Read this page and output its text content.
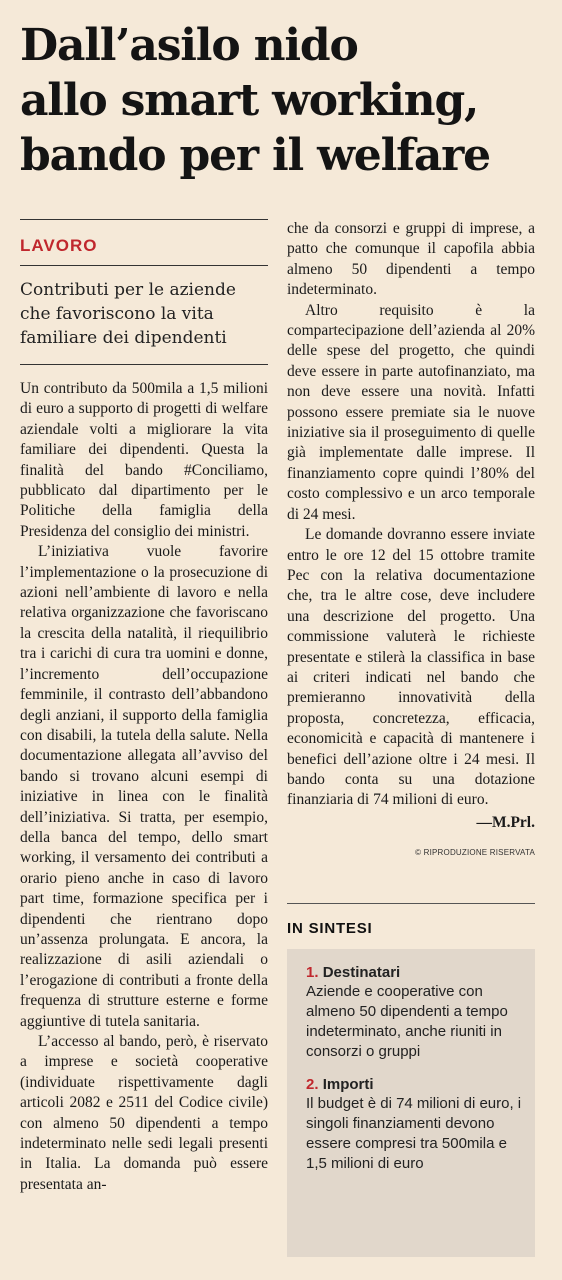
Dall’asilo nido
allo smart working,
bando per il welfare
LAVORO
Contributi per le aziende che favoriscono la vita familiare dei dipendenti

Un contributo da 500mila a 1,5 milioni di euro a supporto di progetti di welfare aziendale volti a migliorare la vita familiare dei dipendenti. Questa la finalità del bando #Conciliamo, pubblicato dal dipartimento per le Politiche della famiglia della Presidenza del consiglio dei ministri.

L’iniziativa vuole favorire l’implementazione o la prosecuzione di azioni nell’ambiente di lavoro e nella relativa organizzazione che favoriscano la crescita della natalità, il riequilibrio tra i carichi di cura tra uomini e donne, l’incremento dell’occupazione femminile, il contrasto dell’abbandono degli anziani, il supporto della famiglia con disabili, la tutela della salute. Nella documentazione allegata all’avviso del bando si trovano alcuni esempi di iniziative in linea con le finalità dell’iniziativa. Si tratta, per esempio, della banca del tempo, dello smart working, il versamento dei contributi a orario pieno anche in caso di lavoro part time, formazione specifica per i dipendenti che rientrano dopo un’assenza prolungata. E ancora, la realizzazione di asili aziendali o l’erogazione di contributi a fronte della frequenza di strutture esterne e forme aggiuntive di tutela sanitaria.

L’accesso al bando, però, è riservato a imprese e società cooperative (individuate rispettivamente dagli articoli 2082 e 2511 del Codice civile) con almeno 50 dipendenti a tempo indeterminato nelle sedi legali presenti in Italia. La domanda può essere presentata an-

che da consorzi e gruppi di imprese, a patto che comunque il capofila abbia almeno 50 dipendenti a tempo indeterminato.

Altro requisito è la compartecipazione dell’azienda al 20% delle spese del progetto, che quindi deve essere in parte autofinanziato, ma non deve essere una novità. Infatti possono essere premiate sia le nuove iniziative sia il proseguimento di quelle già implementate dalle imprese. Il finanziamento copre quindi l’80% del costo complessivo e un arco temporale di 24 mesi.

Le domande dovranno essere inviate entro le ore 12 del 15 ottobre tramite Pec con la relativa documentazione che, tra le altre cose, deve includere una descrizione del progetto. Una commissione valuterà le richieste presentate e stilerà la classifica in base ai criteri indicati nel bando che premieranno innovatività della proposta, concretezza, efficacia, economicità e capacità di mantenere i benefici dell’azione oltre i 24 mesi. Il bando conta su una dotazione finanziaria di 74 milioni di euro.

—M.Prl.
© RIPRODUZIONE RISERVATA
IN SINTESI
1. Destinatari
Aziende e cooperative con almeno 50 dipendenti a tempo indeterminato, anche riuniti in consorzi o gruppi
2. Importi
Il budget è di 74 milioni di euro, i singoli finanziamenti devono essere compresi tra 500mila e 1,5 milioni di euro
